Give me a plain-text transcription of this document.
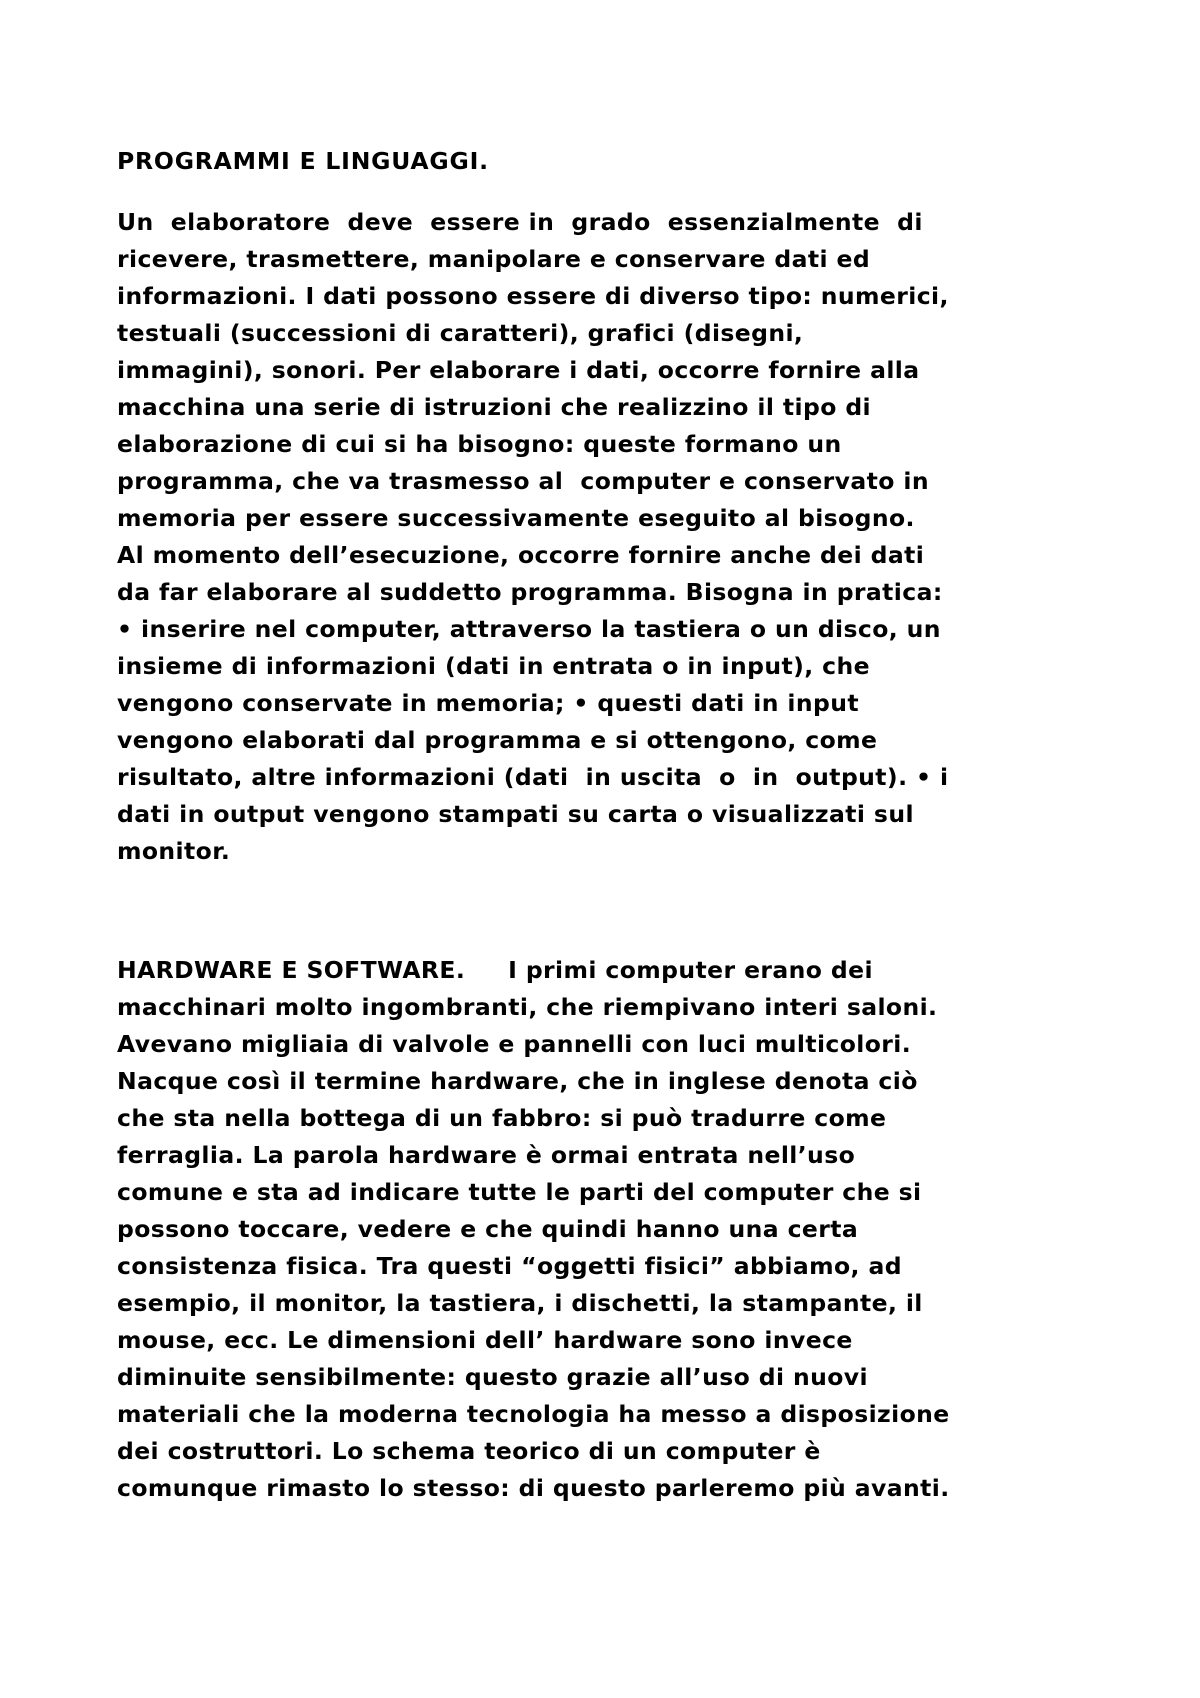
PROGRAMMI E LINGUAGGI.
Un  elaboratore  deve  essere in  grado  essenzialmente  di
ricevere, trasmettere, manipolare e conservare dati ed
informazioni. I dati possono essere di diverso tipo: numerici,
testuali (successioni di caratteri), grafici (disegni,
immagini), sonori. Per elaborare i dati, occorre fornire alla
macchina una serie di istruzioni che realizzino il tipo di
elaborazione di cui si ha bisogno: queste formano un
programma, che va trasmesso al  computer e conservato in
memoria per essere successivamente eseguito al bisogno.
Al momento dell’esecuzione, occorre fornire anche dei dati
da far elaborare al suddetto programma. Bisogna in pratica:
• inserire nel computer, attraverso la tastiera o un disco, un
insieme di informazioni (dati in entrata o in input), che
vengono conservate in memoria; • questi dati in input
vengono elaborati dal programma e si ottengono, come
risultato, altre informazioni (dati  in uscita  o  in  output). • i
dati in output vengono stampati su carta o visualizzati sul
monitor.
HARDWARE E SOFTWARE.     I primi computer erano dei
macchinari molto ingombranti, che riempivano interi saloni.
Avevano migliaia di valvole e pannelli con luci multicolori.
Nacque così il termine hardware, che in inglese denota ciò
che sta nella bottega di un fabbro: si può tradurre come
ferraglia. La parola hardware è ormai entrata nell’uso
comune e sta ad indicare tutte le parti del computer che si
possono toccare, vedere e che quindi hanno una certa
consistenza fisica. Tra questi “oggetti fisici” abbiamo, ad
esempio, il monitor, la tastiera, i dischetti, la stampante, il
mouse, ecc. Le dimensioni dell’ hardware sono invece
diminuite sensibilmente: questo grazie all’uso di nuovi
materiali che la moderna tecnologia ha messo a disposizione
dei costruttori. Lo schema teorico di un computer è
comunque rimasto lo stesso: di questo parleremo più avanti.
